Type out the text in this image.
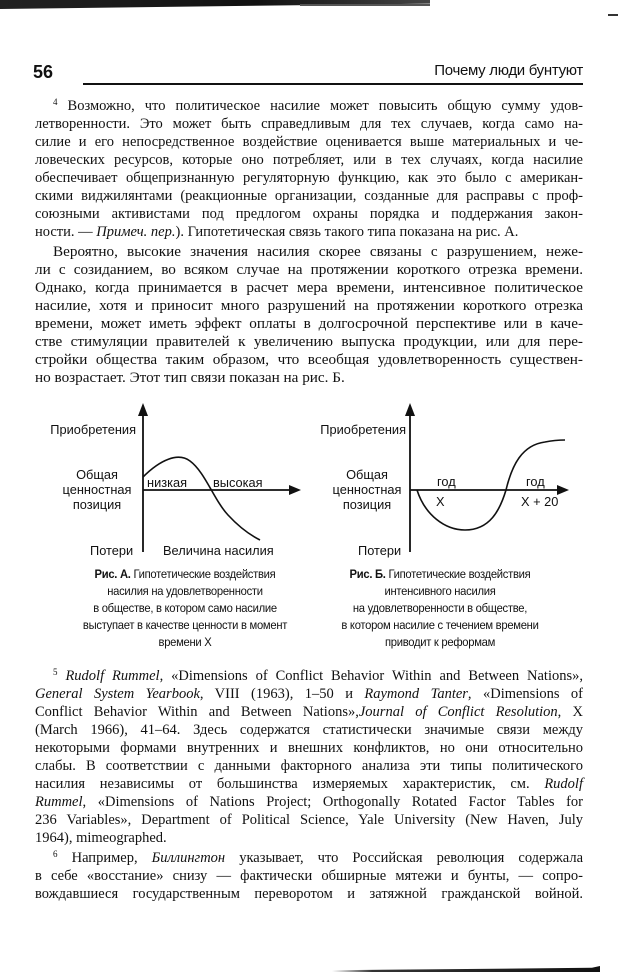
56	Почему люди бунтуют
$^4$ Возможно, что политическое насилие может повысить общую сумму удов-
летворенности. Это может быть справедливым для тех случаев, когда само на-
силие и его непосредственное воздействие оценивается выше материальных и че-
ловеческих ресурсов, которые оно потребляет, или в тех случаях, когда насилие
обеспечивает общепризнанную регуляторную функцию, как это было с американ-
скими виджилянтами (реакционные организации, созданные для расправы с проф-
союзными активистами под предлогом охраны порядка и поддержания закон-
ности. — Примеч. пер.). Гипотетическая связь такого типа показана на рис. А.
Вероятно, высокие значения насилия скорее связаны с разрушением, неже-
ли с созиданием, во всяком случае на протяжении короткого отрезка времени.
Однако, когда принимается в расчет мера времени, интенсивное политическое
насилие, хотя и приносит много разрушений на протяжении короткого отрезка
времени, может иметь эффект оплаты в долгосрочной перспективе или в каче-
стве стимуляции правителей к увеличению выпуска продукции, или для пере-
стройки общества таким образом, что всеобщая удовлетворенность существен-
но возрастает. Этот тип связи показан на рис. Б.
Приобретения
Общая
ценностная
позиция
Потери
низкая высокая
Величина насилия
Рис. А. Гипотетические воздействия
насилия на удовлетворенности
в обществе, в котором само насилие
выступает в качестве ценности в момент
времени X
Приобретения
Общая
ценностная
позиция
Потери
год
X
год
X + 20
Рис. Б. Гипотетические воздействия
интенсивного насилия
на удовлетворенности в обществе,
в котором насилие с течением времени
приводит к реформам
$^5$ Rudolf Rummel, «Dimensions of Conflict Behavior Within and Between Nations»,
General System Yearbook, VIII (1963), 1–50 и Raymond Tanter, «Dimensions of
Conflict Behavior Within and Between Nations»,Journal of Conflict Resolution, X
(March 1966), 41–64. Здесь содержатся статистически значимые связи между
некоторыми формами внутренних и внешних конфликтов, но они относительно
слабы. В соответствии с данными факторного анализа эти типы политического
насилия независимы от большинства измеряемых характеристик, см. Rudolf
Rummel, «Dimensions of Nations Project; Orthogonally Rotated Factor Tables for
236 Variables», Department of Political Science, Yale University (New Haven, July
1964), mimeographed.
$^6$ Например, Биллингтон указывает, что Российская революция содержала
в себе «восстание» снизу — фактически обширные мятежи и бунты, — сопро-
вождавшиеся государственным переворотом и затяжной гражданской войной.
